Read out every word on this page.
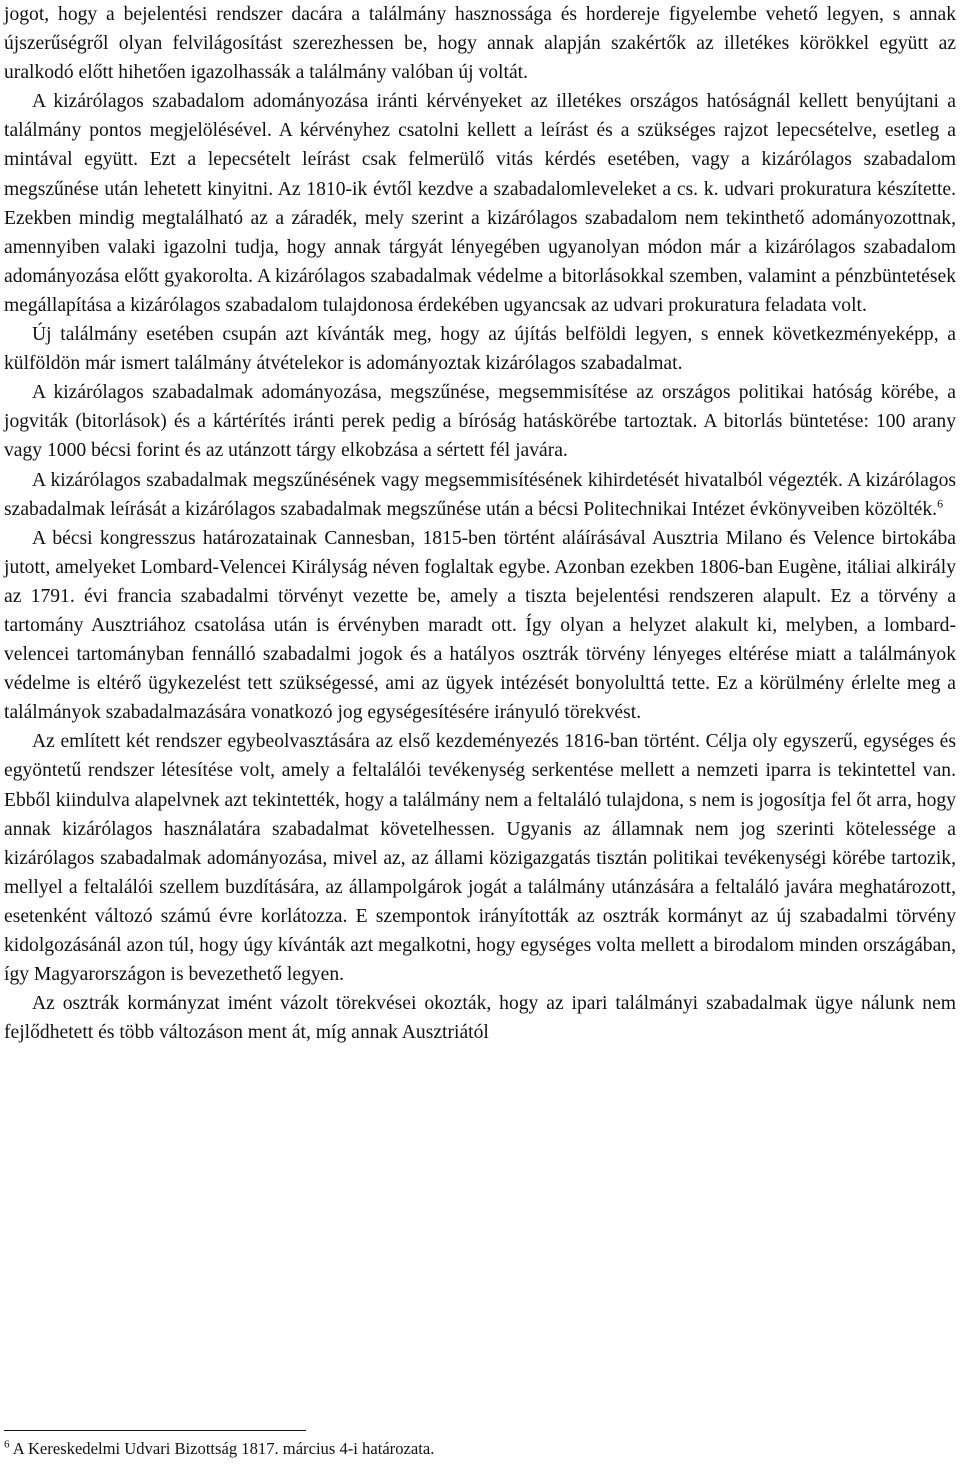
jogot, hogy a bejelentési rendszer dacára a találmány hasznossága és hordereje figyelembe vehető legyen, s annak újszerűségről olyan felvilágosítást szerezhessen be, hogy annak alapján szakértők az illetékes körökkel együtt az uralkodó előtt hihetően igazolhassák a találmány valóban új voltát.

A kizárólagos szabadalom adományozása iránti kérvényeket az illetékes országos hatóságnál kellett benyújtani a találmány pontos megjelölésével. A kérvényhez csatolni kellett a leírást és a szükséges rajzot lepecsételve, esetleg a mintával együtt. Ezt a lepecsételt leírást csak felmerülő vitás kérdés esetében, vagy a kizárólagos szabadalom megszűnése után lehetett kinyitni. Az 1810-ik évtől kezdve a szabadalomleveleket a cs. k. udvari prokuratura készítette. Ezekben mindig megtalálható az a záradék, mely szerint a kizárólagos szabadalom nem tekinthető adományozottnak, amennyiben valaki igazolni tudja, hogy annak tárgyát lényegében ugyanolyan módon már a kizárólagos szabadalom adományozása előtt gyakorolta. A kizárólagos szabadalmak védelme a bitorlásokkal szemben, valamint a pénzbüntetések megállapítása a kizárólagos szabadalom tulajdonosa érdekében ugyancsak az udvari prokuratura feladata volt.

Új találmány esetében csupán azt kívánták meg, hogy az újítás belföldi legyen, s ennek következményeképp, a külföldön már ismert találmány átvételekor is adományoztak kizárólagos szabadalmat.

A kizárólagos szabadalmak adományozása, megszűnése, megsemmisítése az országos politikai hatóság körébe, a jogviták (bitorlások) és a kártérítés iránti perek pedig a bíróság hatáskörébe tartoztak. A bitorlás büntetése: 100 arany vagy 1000 bécsi forint és az utánzott tárgy elkobzása a sértett fél javára.

A kizárólagos szabadalmak megszűnésének vagy megsemmisítésének kihirdetését hivatalból végezték. A kizárólagos szabadalmak leírását a kizárólagos szabadalmak megszűnése után a bécsi Politechnikai Intézet évkönyveiben közölték.$^6$

A bécsi kongresszus határozatainak Cannesban, 1815-ben történt aláírásával Ausztria Milano és Velence birtokába jutott, amelyeket Lombard-Velencei Királyság néven foglaltak egybe. Azonban ezekben 1806-ban Eugène, itáliai alkirály az 1791. évi francia szabadalmi törvényt vezette be, amely a tiszta bejelentési rendszeren alapult. Ez a törvény a tartomány Ausztriához csatolása után is érvényben maradt ott. Így olyan a helyzet alakult ki, melyben, a lombard-velencei tartományban fennálló szabadalmi jogok és a hatályos osztrák törvény lényeges eltérése miatt a találmányok védelme is eltérő ügykezelést tett szükségessé, ami az ügyek intézését bonyolulttá tette. Ez a körülmény érlelte meg a találmányok szabadalmazására vonatkozó jog egységesítésére irányuló törekvést.

Az említett két rendszer egybeolvasztására az első kezdeményezés 1816-ban történt. Célja oly egyszerű, egységes és egyöntetű rendszer létesítése volt, amely a feltalálói tevékenység serkentése mellett a nemzeti iparra is tekintettel van. Ebből kiindulva alapelvnek azt tekintették, hogy a találmány nem a feltaláló tulajdona, s nem is jogosítja fel őt arra, hogy annak kizárólagos használatára szabadalmat követelhessen. Ugyanis az államnak nem jog szerinti kötelessége a kizárólagos szabadalmak adományozása, mivel az, az állami közigazgatás tisztán politikai tevékenységi körébe tartozik, mellyel a feltalálói szellem buzdítására, az állampolgárok jogát a találmány utánzására a feltaláló javára meghatározott, esetenként változó számú évre korlátozza. E szempontok irányították az osztrák kormányt az új szabadalmi törvény kidolgozásánál azon túl, hogy úgy kívánták azt megalkotni, hogy egységes volta mellett a birodalom minden országában, így Magyarországon is bevezethető legyen.

Az osztrák kormányzat imént vázolt törekvései okozták, hogy az ipari találmányi szabadalmak ügye nálunk nem fejlődhetett és több változáson ment át, míg annak Ausztriától

$^6$ A Kereskedelmi Udvari Bizottság 1817. március 4-i határozata.
